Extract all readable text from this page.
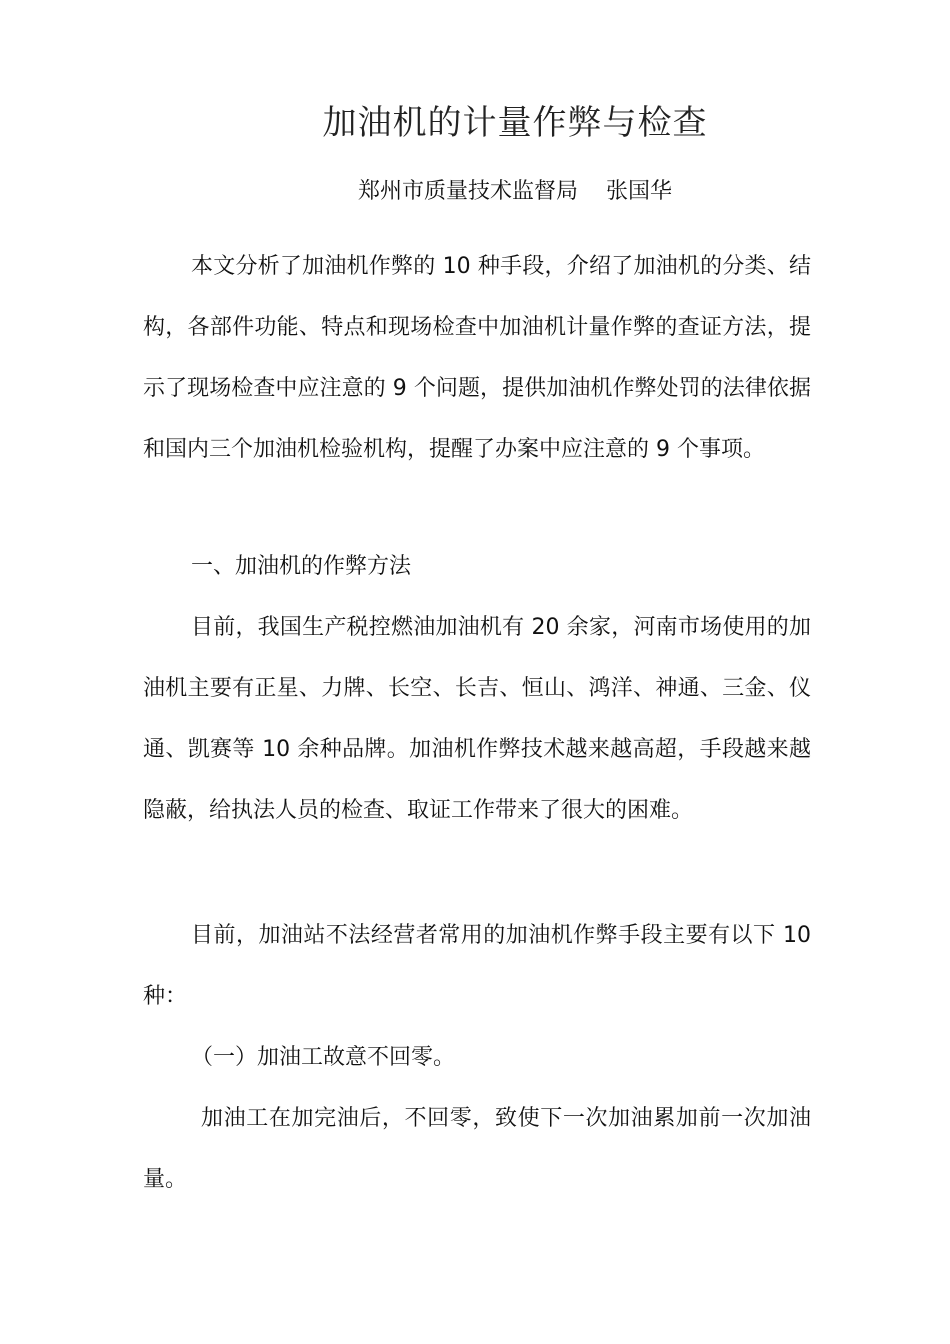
加油机的计量作弊与检查
郑州市质量技术监督局    张国华

本文分析了加油机作弊的 10 种手段，介绍了加油机的分类、结构，各部件功能、特点和现场检查中加油机计量作弊的查证方法，提示了现场检查中应注意的 9 个问题，提供加油机作弊处罚的法律依据和国内三个加油机检验机构，提醒了办案中应注意的 9 个事项。

一、加油机的作弊方法

目前，我国生产税控燃油加油机有 20 余家，河南市场使用的加油机主要有正星、力牌、长空、长吉、恒山、鸿洋、神通、三金、仪通、凯赛等 10 余种品牌。加油机作弊技术越来越高超，手段越来越隐蔽，给执法人员的检查、取证工作带来了很大的困难。

目前，加油站不法经营者常用的加油机作弊手段主要有以下 10 种：

（一）加油工故意不回零。

加油工在加完油后，不回零，致使下一次加油累加前一次加油量。
